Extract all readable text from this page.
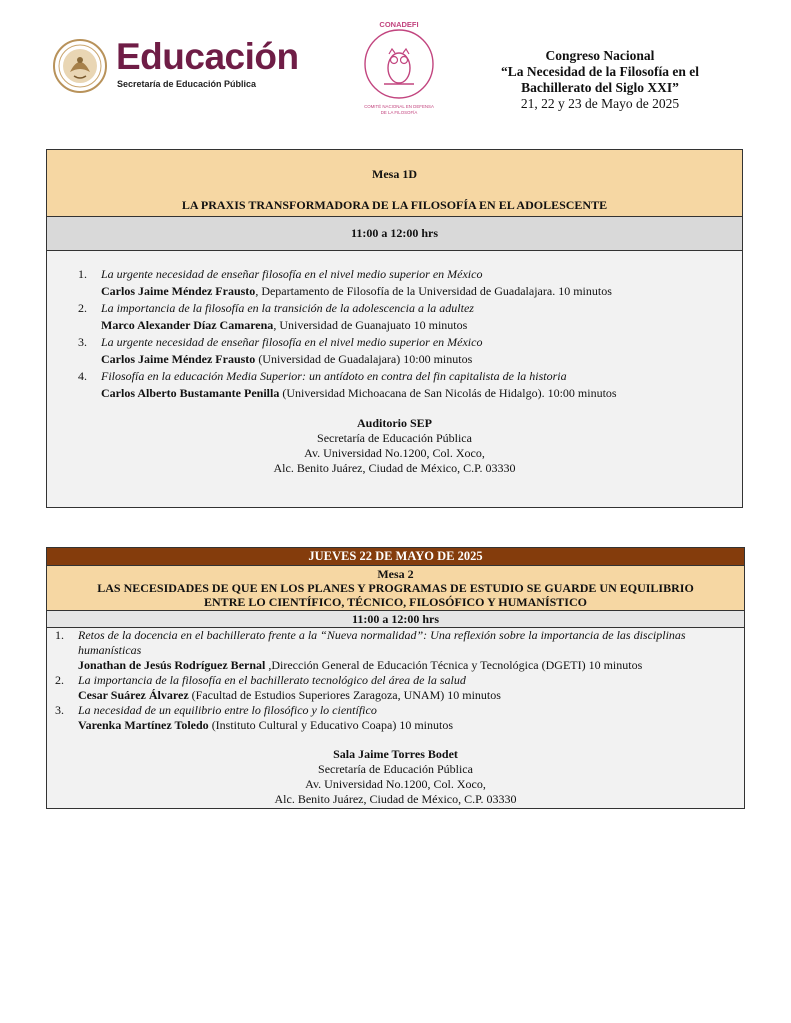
Educación
Secretaría de Educación Pública
CONADEFI
COMITÉ NACIONAL EN DEFENSA
DE LA FILOSOFÍA
Congreso Nacional
“La Necesidad de la Filosofía en el
Bachillerato del Siglo XXI”
21, 22 y 23 de Mayo de 2025
Mesa 1D
LA PRAXIS TRANSFORMADORA DE LA FILOSOFÍA EN EL ADOLESCENTE
11:00 a 12:00 hrs
1. La urgente necesidad de enseñar filosofía en el nivel medio superior en México
Carlos Jaime Méndez Frausto, Departamento de Filosofía de la Universidad de Guadalajara. 10 minutos
2. La importancia de la filosofía en la transición de la adolescencia a la adultez
Marco Alexander Díaz Camarena, Universidad de Guanajuato 10 minutos
3. La urgente necesidad de enseñar filosofía en el nivel medio superior en México
Carlos Jaime Méndez Frausto (Universidad de Guadalajara) 10:00 minutos
4. Filosofía en la educación Media Superior: un antídoto en contra del fin capitalista de la historia
Carlos Alberto Bustamante Penilla (Universidad Michoacana de San Nicolás de Hidalgo). 10:00 minutos
Auditorio SEP
Secretaría de Educación Pública
Av. Universidad No.1200, Col. Xoco,
Alc. Benito Juárez, Ciudad de México, C.P. 03330
JUEVES 22 DE MAYO DE 2025
Mesa 2
LAS NECESIDADES DE QUE EN LOS PLANES Y PROGRAMAS DE ESTUDIO SE GUARDE UN EQUILIBRIO
ENTRE LO CIENTÍFICO, TÉCNICO, FILOSÓFICO Y HUMANÍSTICO
11:00 a 12:00 hrs
1. Retos de la docencia en el bachillerato frente a la “Nueva normalidad”: Una reflexión sobre la importancia de las disciplinas humanísticas
Jonathan de Jesús Rodríguez Bernal ,Dirección General de Educación Técnica y Tecnológica (DGETI) 10 minutos
2. La importancia de la filosofía en el bachillerato tecnológico del área de la salud
Cesar Suárez Álvarez (Facultad de Estudios Superiores Zaragoza, UNAM) 10 minutos
3. La necesidad de un equilibrio entre lo filosófico y lo científico
Varenka Martínez Toledo (Instituto Cultural y Educativo Coapa) 10 minutos
Sala Jaime Torres Bodet
Secretaría de Educación Pública
Av. Universidad No.1200, Col. Xoco,
Alc. Benito Juárez, Ciudad de México, C.P. 03330
